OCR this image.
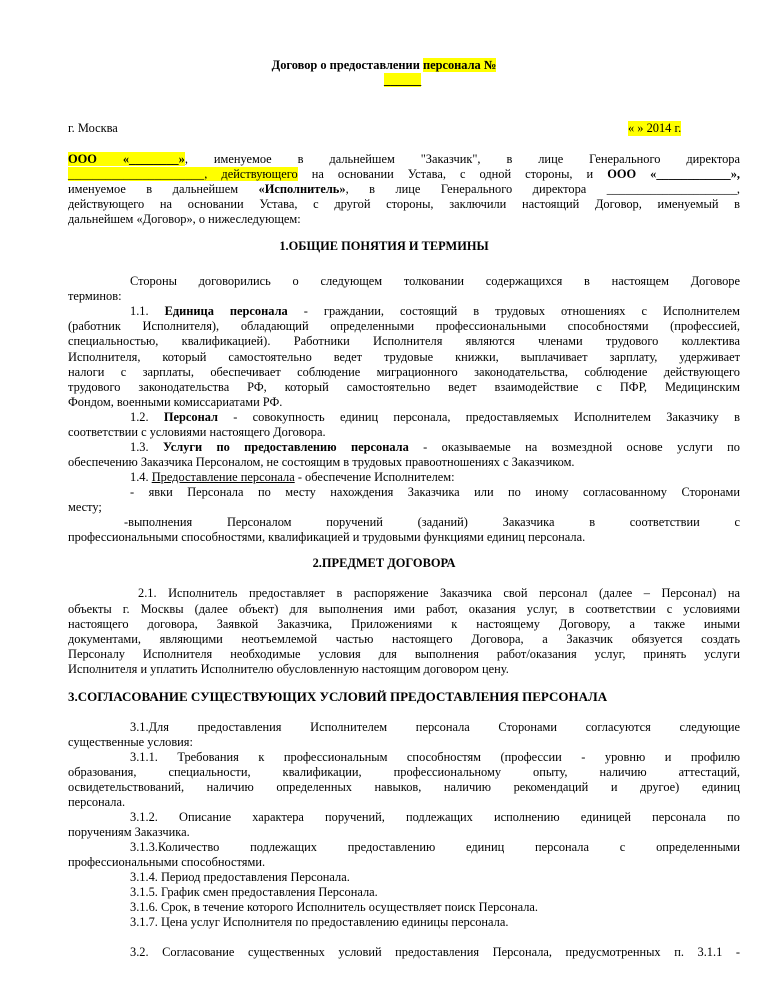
Договор о предоставлении персонала №
______
г. Москва	« » 2014 г.
ООО «________», именуемое в дальнейшем "Заказчик", в лице Генерального директора
______________________, действующего на основании Устава, с одной стороны, и ООО «____________»,
именуемое в дальнейшем «Исполнитель», в лице Генерального директора _____________________,
действующего на основании Устава, с другой стороны, заключили настоящий Договор, именуемый в
дальнейшем «Договор», о нижеследующем:
1.ОБЩИЕ ПОНЯТИЯ И ТЕРМИНЫ
Стороны договорились о следующем толковании содержащихся в настоящем Договоре
терминов:
1.1. Единица персонала - граждании, состоящий в трудовых отношениях с Исполнителем
(работник Исполнителя), обладающий определенными профессиональными способностями (профессией,
специальностью, квалификацией). Работники Исполнителя являются членами трудового коллектива
Исполнителя, который самостоятельно ведет трудовые книжки, выплачивает зарплату, удерживает
налоги с зарплаты, обеспечивает соблюдение миграционного законодательства, соблюдение действующего
трудового законодательства РФ, который самостоятельно ведет взаимодействие с ПФР, Медицинским
Фондом, военными комиссариатами РФ.
1.2. Персонал - совокупность единиц персонала, предоставляемых Исполнителем Заказчику в
соответствии с условиями настоящего Договора.
1.3. Услуги по предоставлению персонала - оказываемые на возмездной основе услуги по
обеспечению Заказчика Персоналом, не состоящим в трудовых правоотношениях с Заказчиком.
1.4. Предоставление персонала - обеспечение Исполнителем:
- явки Персонала по месту нахождения Заказчика или по иному согласованному Сторонами
месту;
-выполнения Персоналом поручений (заданий) Заказчика в соответствии с
профессиональными способностями, квалификацией и трудовыми функциями единиц персонала.
2.ПРЕДМЕТ ДОГОВОРА
2.1. Исполнитель предоставляет в распоряжение Заказчика свой персонал (далее – Персонал) на
объекты г. Москвы (далее объект) для выполнения ими работ, оказания услуг, в соответствии с условиями
настоящего договора, Заявкой Заказчика, Приложениями к настоящему Договору, а также иными
документами, являющими неотъемлемой частью настоящего Договора, а Заказчик обязуется создать
Персоналу Исполнителя необходимые условия для выполнения работ/оказания услуг, принять услуги
Исполнителя и уплатить Исполнителю обусловленную настоящим договором цену.
3.СОГЛАСОВАНИЕ СУЩЕСТВУЮЩИХ УСЛОВИЙ ПРЕДОСТАВЛЕНИЯ ПЕРСОНАЛА
3.1.Для предоставления Исполнителем персонала Сторонами согласуются следующие
существенные условия:
3.1.1. Требования к профессиональным способностям (профессии - уровню и профилю
образования, специальности, квалификации, профессиональному опыту, наличию аттестаций,
освидетельствований, наличию определенных навыков, наличию рекомендаций и другое) единиц
персонала.
3.1.2. Описание характера поручений, подлежащих исполнению единицей персонала по
поручениям Заказчика.
3.1.3.Количество подлежащих предоставлению единиц персонала с определенными
профессиональными способностями.
3.1.4. Период предоставления Персонала.
3.1.5. График смен предоставления Персонала.
3.1.6. Срок, в течение которого Исполнитель осуществляет поиск Персонала.
3.1.7. Цена услуг Исполнителя по предоставлению единицы персонала.
3.2. Согласование существенных условий предоставления Персонала, предусмотренных п. 3.1.1 -
